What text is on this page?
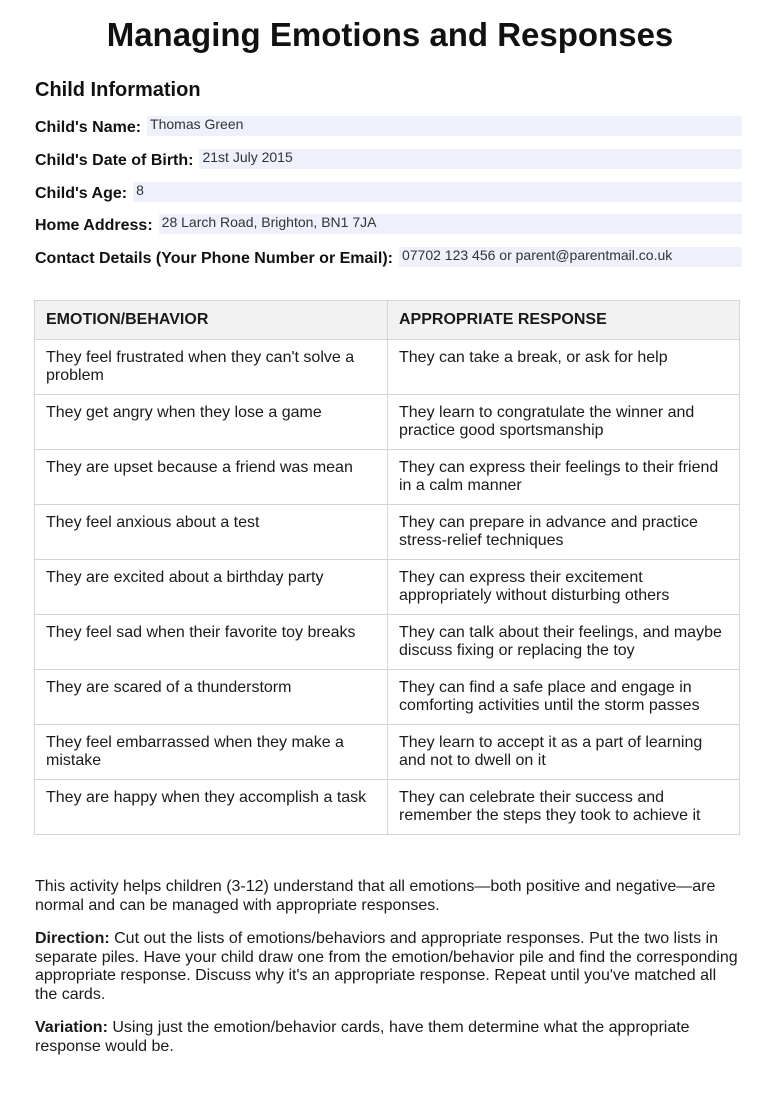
Managing Emotions and Responses
Child Information
Child's Name: Thomas Green
Child's Date of Birth: 21st July 2015
Child's Age: 8
Home Address: 28 Larch Road, Brighton, BN1 7JA
Contact Details (Your Phone Number or Email): 07702 123 456 or parent@parentmail.co.uk
EMOTION/BEHAVIOR	APPROPRIATE RESPONSE
They feel frustrated when they can't solve a problem	They can take a break, or ask for help
They get angry when they lose a game	They learn to congratulate the winner and practice good sportsmanship
They are upset because a friend was mean	They can express their feelings to their friend in a calm manner
They feel anxious about a test	They can prepare in advance and practice stress-relief techniques
They are excited about a birthday party	They can express their excitement appropriately without disturbing others
They feel sad when their favorite toy breaks	They can talk about their feelings, and maybe discuss fixing or replacing the toy
They are scared of a thunderstorm	They can find a safe place and engage in comforting activities until the storm passes
They feel embarrassed when they make a mistake	They learn to accept it as a part of learning and not to dwell on it
They are happy when they accomplish a task	They can celebrate their success and remember the steps they took to achieve it
This activity helps children (3-12) understand that all emotions—both positive and negative—are normal and can be managed with appropriate responses.
Direction: Cut out the lists of emotions/behaviors and appropriate responses. Put the two lists in separate piles. Have your child draw one from the emotion/behavior pile and find the corresponding appropriate response. Discuss why it's an appropriate response. Repeat until you've matched all the cards.
Variation: Using just the emotion/behavior cards, have them determine what the appropriate response would be.
